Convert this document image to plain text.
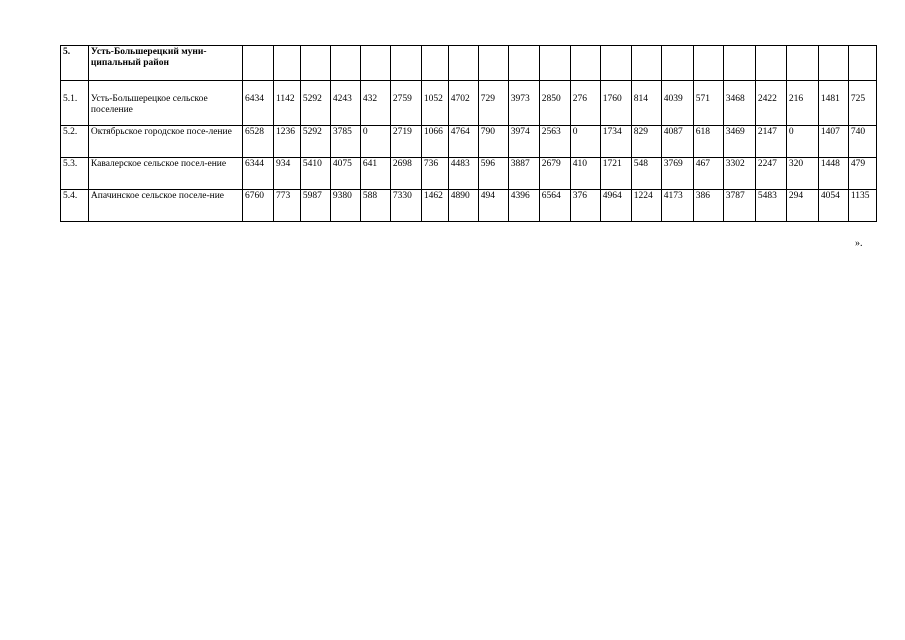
5.	Усть-Большерецкий муни-ципальный район																					
5.1.	Усть-Большерецкое сельское поселение	6434	1142	5292	4243	432	2759	1052	4702	729	3973	2850	276	1760	814	4039	571	3468	2422	216	1481	725
5.2.	Октябрьское городское посе-ление	6528	1236	5292	3785	0	2719	1066	4764	790	3974	2563	0	1734	829	4087	618	3469	2147	0	1407	740
5.3.	Кавалерское сельское посел-ение	6344	934	5410	4075	641	2698	736	4483	596	3887	2679	410	1721	548	3769	467	3302	2247	320	1448	479
5.4.	Апачинское сельское поселе-ние	6760	773	5987	9380	588	7330	1462	4890	494	4396	6564	376	4964	1224	4173	386	3787	5483	294	4054	1135
».
